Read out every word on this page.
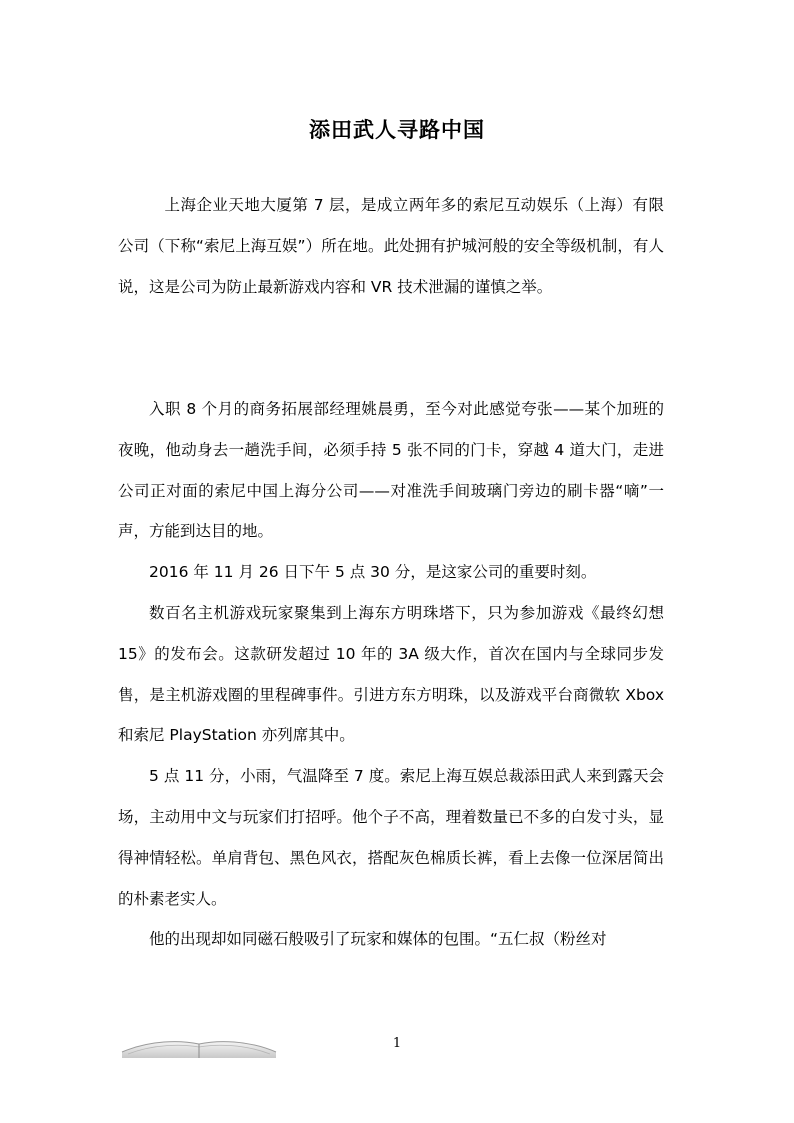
添田武人寻路中国

上海企业天地大厦第 7 层，是成立两年多的索尼互动娱乐（上海）有限公司（下称“索尼上海互娱”）所在地。此处拥有护城河般的安全等级机制，有人说，这是公司为防止最新游戏内容和 VR 技术泄漏的谨慎之举。

入职 8 个月的商务拓展部经理姚晨勇，至今对此感觉夸张——某个加班的夜晚，他动身去一趟洗手间，必须手持 5 张不同的门卡，穿越 4 道大门，走进公司正对面的索尼中国上海分公司——对准洗手间玻璃门旁边的刷卡器“嘀”一声，方能到达目的地。

2016 年 11 月 26 日下午 5 点 30 分，是这家公司的重要时刻。

数百名主机游戏玩家聚集到上海东方明珠塔下，只为参加游戏《最终幻想 15》的发布会。这款研发超过 10 年的 3A 级大作，首次在国内与全球同步发售，是主机游戏圈的里程碑事件。引进方东方明珠，以及游戏平台商微软 Xbox 和索尼 PlayStation 亦列席其中。

5 点 11 分，小雨，气温降至 7 度。索尼上海互娱总裁添田武人来到露天会场，主动用中文与玩家们打招呼。他个子不高，理着数量已不多的白发寸头，显得神情轻松。单肩背包、黑色风衣，搭配灰色棉质长裤，看上去像一位深居简出的朴素老实人。

他的出现却如同磁石般吸引了玩家和媒体的包围。“五仁叔（粉丝对

1
